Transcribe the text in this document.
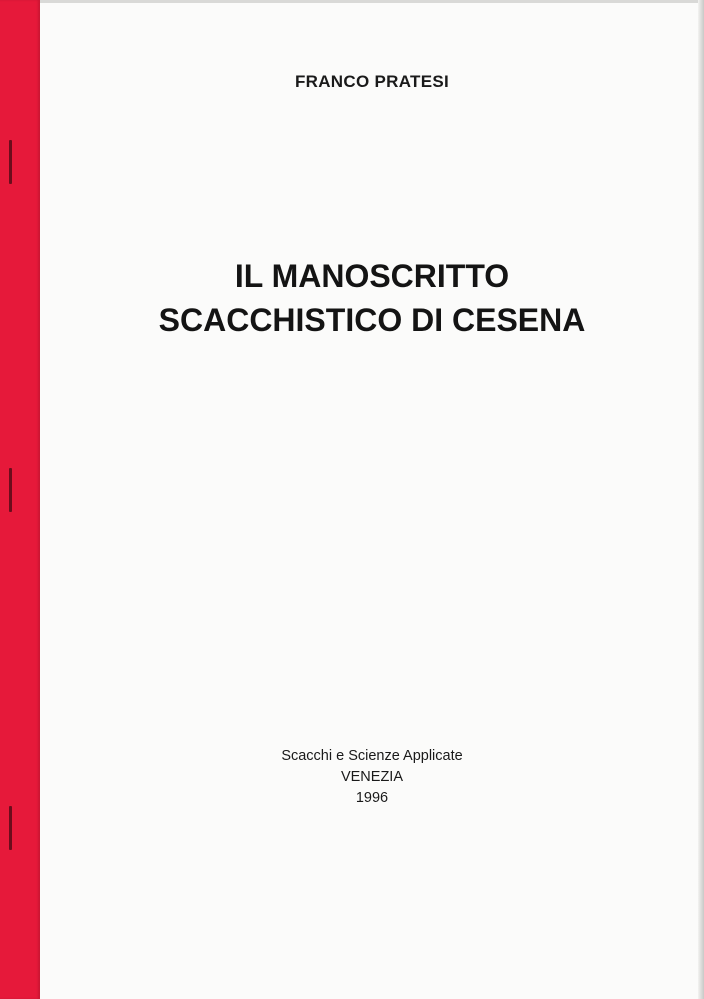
FRANCO PRATESI

IL MANOSCRITTO
SCACCHISTICO DI CESENA
Scacchi e Scienze Applicate
VENEZIA
1996
